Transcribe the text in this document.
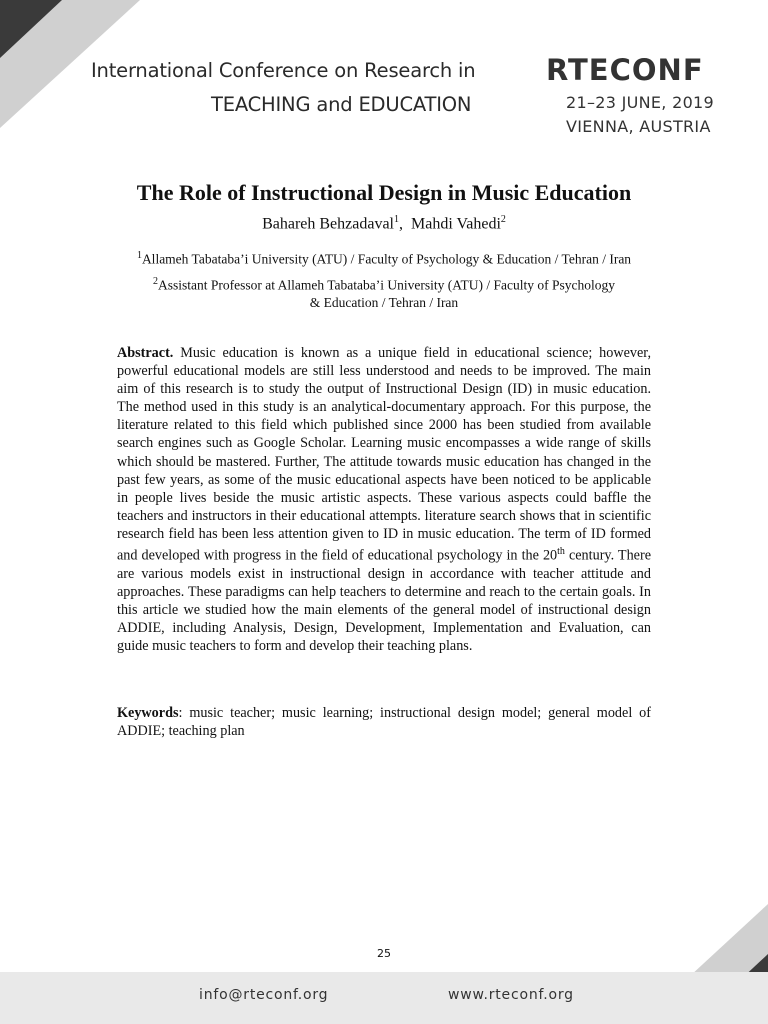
International Conference on Research in
TEACHING and EDUCATION
RTECONF
21–23 JUNE, 2019
VIENNA, AUSTRIA
The Role of Instructional Design in Music Education
Bahareh Behzadaval$^1$,  Mahdi Vahedi$^2$
$^1$Allameh Tabataba’i University (ATU) / Faculty of Psychology & Education / Tehran / Iran
$^2$Assistant Professor at Allameh Tabataba’i University (ATU) / Faculty of Psychology
& Education / Tehran / Iran
Abstract. Music education is known as a unique field in educational science; however, powerful educational models are still less understood and needs to be improved. The main aim of this research is to study the output of Instructional Design (ID) in music education. The method used in this study is an analytical-documentary approach. For this purpose, the literature related to this field which published since 2000 has been studied from available search engines such as Google Scholar. Learning music encompasses a wide range of skills which should be mastered. Further, The attitude towards music education has changed in the past few years, as some of the music educational aspects have been noticed to be applicable in people lives beside the music artistic aspects. These various aspects could baffle the teachers and instructors in their educational attempts. literature search shows that in scientific research field has been less attention given to ID in music education. The term of ID formed and developed with progress in the field of educational psychology in the 20th century. There are various models exist in instructional design in accordance with teacher attitude and approaches. These paradigms can help teachers to determine and reach to the certain goals. In this article we studied how the main elements of the general model of instructional design ADDIE, including Analysis, Design, Development, Implementation and Evaluation, can guide music teachers to form and develop their teaching plans.
Keywords: music teacher; music learning; instructional design model; general model of ADDIE; teaching plan
25
info@rteconf.org	www.rteconf.org
